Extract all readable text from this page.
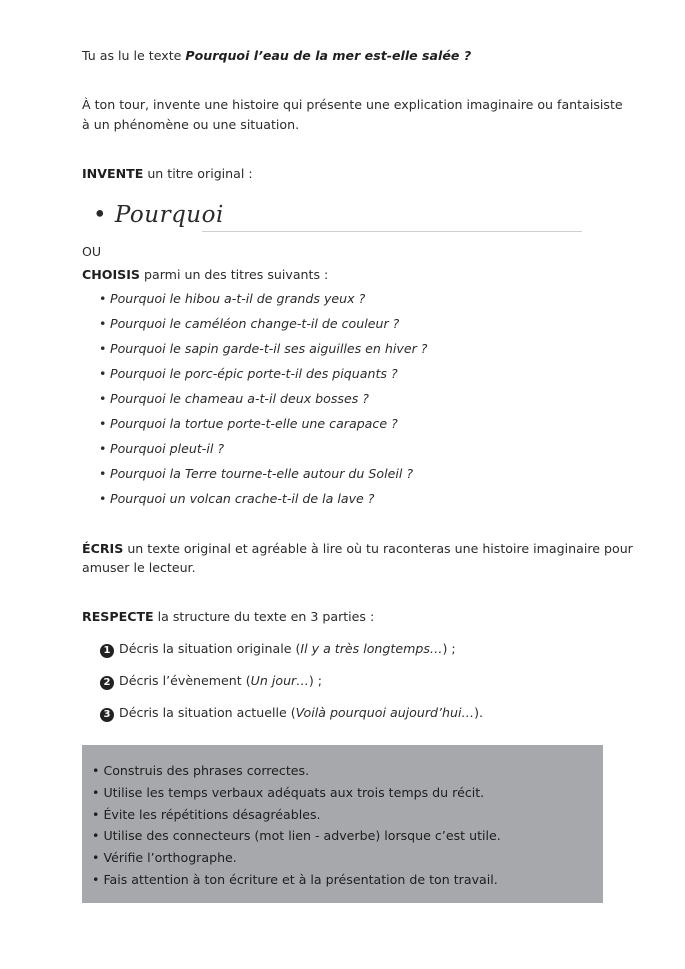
Tu as lu le texte Pourquoi l’eau de la mer est-elle salée ?

À ton tour, invente une histoire qui présente une explication imaginaire ou fantaisiste

à un phénomène ou une situation.

INVENTE un titre original :

• Pourquoi

OU

CHOISIS parmi un des titres suivants :

• Pourquoi le hibou a-t-il de grands yeux ?
• Pourquoi le caméléon change-t-il de couleur ?
• Pourquoi le sapin garde-t-il ses aiguilles en hiver ?
• Pourquoi le porc-épic porte-t-il des piquants ?
• Pourquoi le chameau a-t-il deux bosses ?
• Pourquoi la tortue porte-t-elle une carapace ?
• Pourquoi pleut-il ?
• Pourquoi la Terre tourne-t-elle autour du Soleil ?
• Pourquoi un volcan crache-t-il de la lave ?

ÉCRIS un texte original et agréable à lire où tu raconteras une histoire imaginaire pour

amuser le lecteur.

RESPECTE la structure du texte en 3 parties :

1 Décris la situation originale (Il y a très longtemps…) ;
2 Décris l’évènement (Un jour…) ;
3 Décris la situation actuelle (Voilà pourquoi aujourd’hui…).
• Construis des phrases correctes.
• Utilise les temps verbaux adéquats aux trois temps du récit.
• Évite les répétitions désagréables.
• Utilise des connecteurs (mot lien - adverbe) lorsque c’est utile.
• Vérifie l’orthographe.
• Fais attention à ton écriture et à la présentation de ton travail.
